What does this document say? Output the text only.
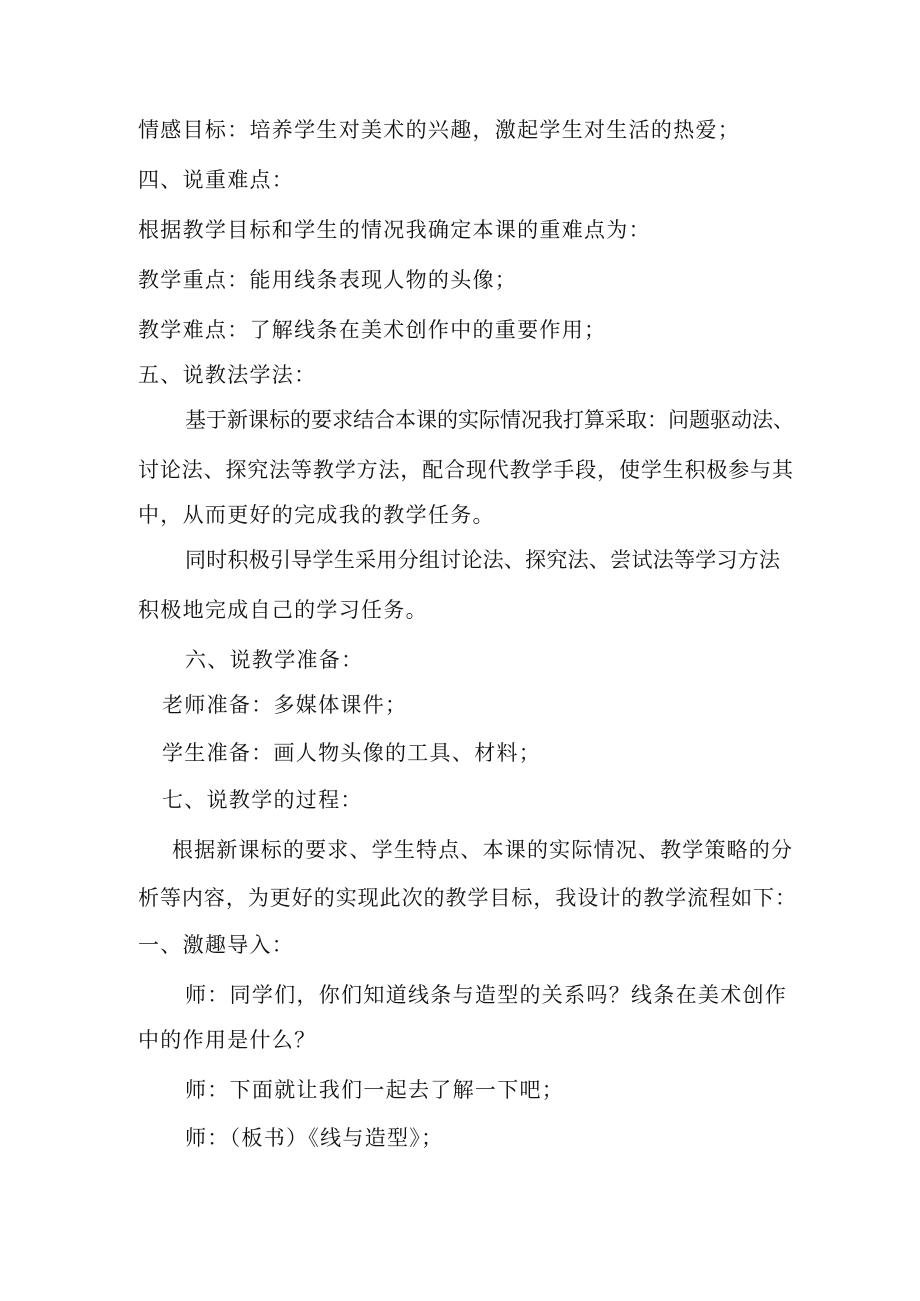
情感目标：培养学生对美术的兴趣，激起学生对生活的热爱；
四、说重难点：
根据教学目标和学生的情况我确定本课的重难点为：
教学重点：能用线条表现人物的头像；
教学难点：了解线条在美术创作中的重要作用；
五、说教法学法：
基于新课标的要求结合本课的实际情况我打算采取：问题驱动法、
讨论法、探究法等教学方法，配合现代教学手段，使学生积极参与其
中，从而更好的完成我的教学任务。
同时积极引导学生采用分组讨论法、探究法、尝试法等学习方法
积极地完成自己的学习任务。
六、说教学准备：
老师准备：多媒体课件；
学生准备：画人物头像的工具、材料；
七、说教学的过程：
根据新课标的要求、学生特点、本课的实际情况、教学策略的分
析等内容，为更好的实现此次的教学目标，我设计的教学流程如下：
一、激趣导入：
师：同学们，你们知道线条与造型的关系吗？线条在美术创作
中的作用是什么？
师：下面就让我们一起去了解一下吧；
师：（板书）《线与造型》；
